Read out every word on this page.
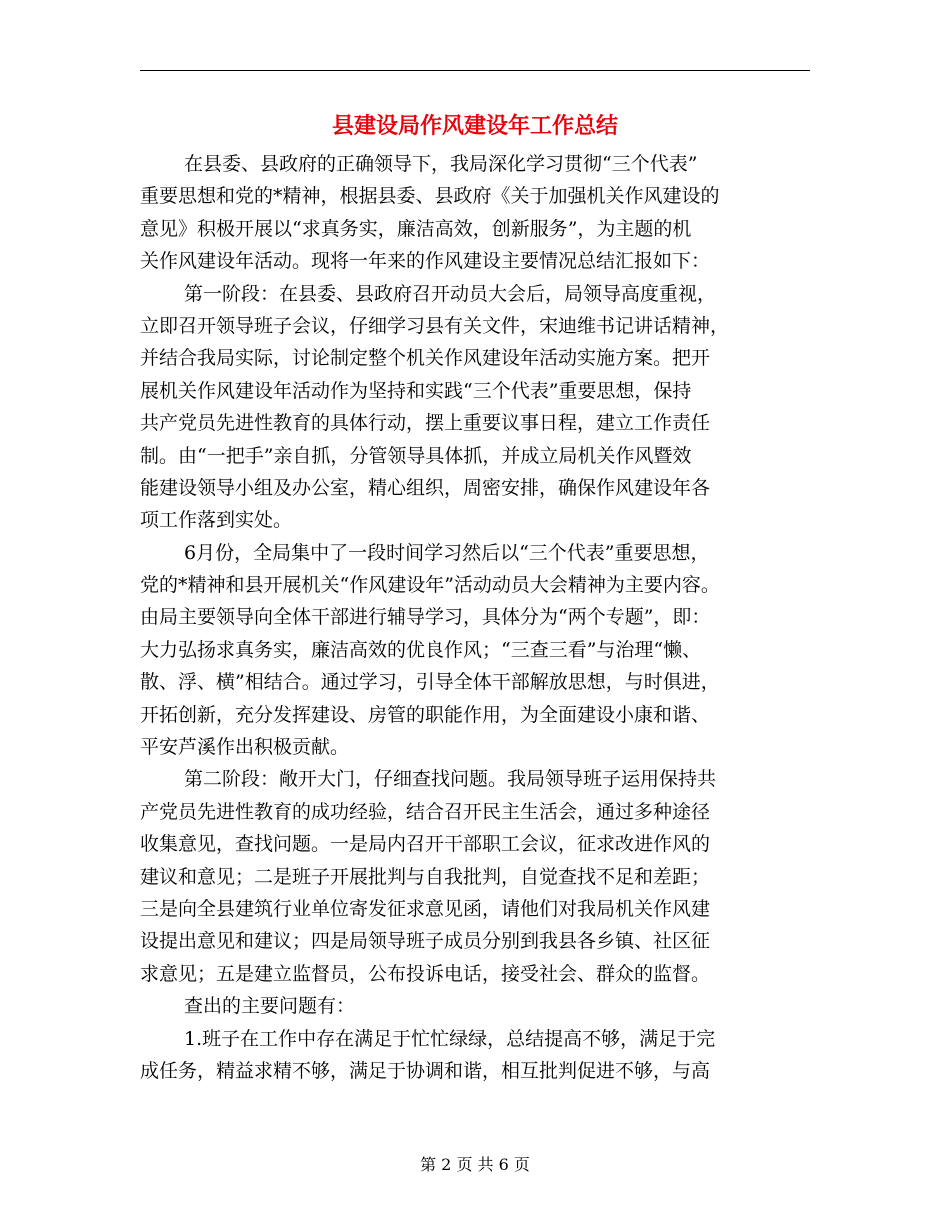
县建设局作风建设年工作总结
在县委、县政府的正确领导下，我局深化学习贯彻“三个代表”
重要思想和党的*精神，根据县委、县政府《关于加强机关作风建设的
意见》积极开展以“求真务实，廉洁高效，创新服务”，为主题的机
关作风建设年活动。现将一年来的作风建设主要情况总结汇报如下：
第一阶段：在县委、县政府召开动员大会后，局领导高度重视，
立即召开领导班子会议，仔细学习县有关文件，宋迪维书记讲话精神，
并结合我局实际，讨论制定整个机关作风建设年活动实施方案。把开
展机关作风建设年活动作为坚持和实践“三个代表”重要思想，保持
共产党员先进性教育的具体行动，摆上重要议事日程，建立工作责任
制。由“一把手”亲自抓，分管领导具体抓，并成立局机关作风暨效
能建设领导小组及办公室，精心组织，周密安排，确保作风建设年各
项工作落到实处。
6月份，全局集中了一段时间学习然后以“三个代表”重要思想，
党的*精神和县开展机关“作风建设年”活动动员大会精神为主要内容。
由局主要领导向全体干部进行辅导学习，具体分为“两个专题”，即：
大力弘扬求真务实，廉洁高效的优良作风；“三查三看”与治理“懒、
散、浮、横”相结合。通过学习，引导全体干部解放思想，与时俱进，
开拓创新，充分发挥建设、房管的职能作用，为全面建设小康和谐、
平安芦溪作出积极贡献。
第二阶段：敞开大门，仔细查找问题。我局领导班子运用保持共
产党员先进性教育的成功经验，结合召开民主生活会，通过多种途径
收集意见，查找问题。一是局内召开干部职工会议，征求改进作风的
建议和意见；二是班子开展批判与自我批判，自觉查找不足和差距；
三是向全县建筑行业单位寄发征求意见函，请他们对我局机关作风建
设提出意见和建议；四是局领导班子成员分别到我县各乡镇、社区征
求意见；五是建立监督员，公布投诉电话，接受社会、群众的监督。
查出的主要问题有：
1.班子在工作中存在满足于忙忙绿绿，总结提高不够，满足于完
成任务，精益求精不够，满足于协调和谐，相互批判促进不够，与高
第 2 页 共 6 页
